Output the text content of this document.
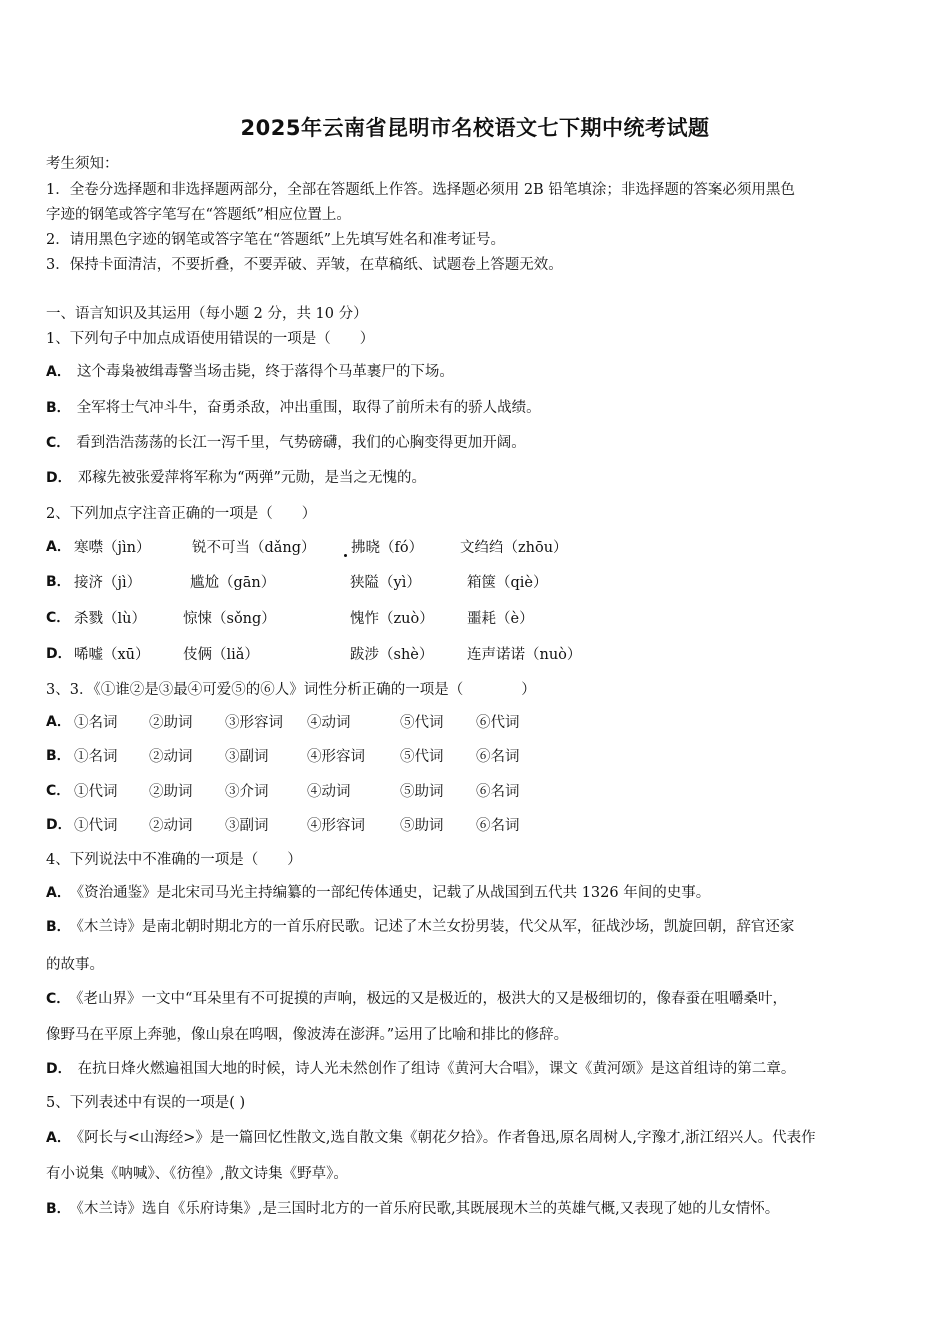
2025年云南省昆明市名校语文七下期中统考试题
考生须知：
1．全卷分选择题和非选择题两部分，全部在答题纸上作答。选择题必须用 2B 铅笔填涂；非选择题的答案必须用黑色
字迹的钢笔或答字笔写在“答题纸”相应位置上。
2．请用黑色字迹的钢笔或答字笔在“答题纸”上先填写姓名和准考证号。
3．保持卡面清洁，不要折叠，不要弄破、弄皱，在草稿纸、试题卷上答题无效。
一、语言知识及其运用（每小题 2 分，共 10 分）
1、下列句子中加点成语使用错误的一项是（　　）
A． 这个毒枭被缉毒警当场击毙，终于落得个马革裹尸的下场。
B． 全军将士气冲斗牛，奋勇杀敌，冲出重围，取得了前所未有的骄人战绩。
C． 看到浩浩荡荡的长江一泻千里，气势磅礴，我们的心胸变得更加开阔。
D． 邓稼先被张爱萍将军称为“两弹”元勋，是当之无愧的。
2、下列加点字注音正确的一项是（　　）
A． 寒噤（jìn）	锐不可当（dǎng） 拂晓（fó）	文绉绉（zhōu）
B． 接济（jì）	尴尬（gān）	狭隘（yì）	箱箧（qiè）
C． 杀戮（lù）	惊悚（sǒng）	愧怍（zuò） 噩耗（è）
D． 唏嘘（xū） 伎俩（liǎ）	跋涉（shè） 连声诺诺（nuò）
3、3．《①谁②是③最④可爱⑤的⑥人》词性分析正确的一项是（　　　　）
A． ①名词 ②助词 ③形容词 ④动词	⑤代词 ⑥代词
B． ①名词 ②动词 ③副词	④形容词 ⑤代词 ⑥名词
C． ①代词 ②助词 ③介词	④动词	⑤助词 ⑥名词
D． ①代词 ②动词 ③副词	④形容词 ⑤助词 ⑥名词
4、下列说法中不准确的一项是（　　）
A． 《资治通鉴》是北宋司马光主持编纂的一部纪传体通史，记载了从战国到五代共 1326 年间的史事。
B． 《木兰诗》是南北朝时期北方的一首乐府民歌。记述了木兰女扮男装，代父从军，征战沙场，凯旋回朝，辞官还家
的故事。
C． 《老山界》一文中“耳朵里有不可捉摸的声响，极远的又是极近的，极洪大的又是极细切的，像春蚕在咀嚼桑叶，
像野马在平原上奔驰，像山泉在呜咽，像波涛在澎湃。”运用了比喻和排比的修辞。
D． 在抗日烽火燃遍祖国大地的时候，诗人光未然创作了组诗《黄河大合唱》，课文《黄河颂》是这首组诗的第二章。
5、下列表述中有误的一项是( )
A． 《阿长与<山海经>》是一篇回忆性散文,选自散文集《朝花夕拾》。作者鲁迅,原名周树人,字豫才,浙江绍兴人。代表作
有小说集《呐喊》、《彷徨》,散文诗集《野草》。
B． 《木兰诗》选自《乐府诗集》,是三国时北方的一首乐府民歌,其既展现木兰的英雄气概,又表现了她的儿女情怀。
